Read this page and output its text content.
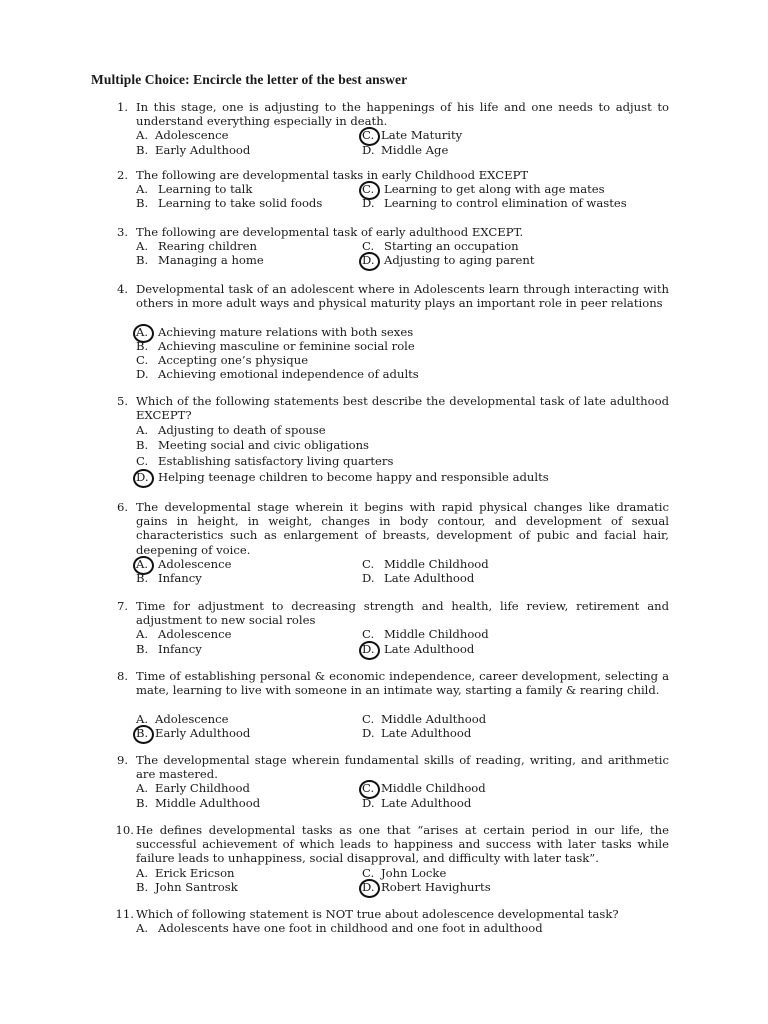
Multiple Choice: Encircle the letter of the best answer
1. In this stage, one is adjusting to the happenings of his life and one needs to adjust to understand everything especially in death.
A. Adolescence
B. Early Adulthood
C. Late Maturity
D. Middle Age
2. The following are developmental tasks in early Childhood EXCEPT
A. Learning to talk
B. Learning to take solid foods
C. Learning to get along with age mates
D. Learning to control elimination of wastes
3. The following are developmental task of early adulthood EXCEPT.
A. Rearing children
B. Managing a home
C. Starting an occupation
D. Adjusting to aging parent
4. Developmental task of an adolescent where in Adolescents learn through interacting with others in more adult ways and physical maturity plays an important role in peer relations
A. Achieving mature relations with both sexes
B. Achieving masculine or feminine social role
C. Accepting one’s physique
D. Achieving emotional independence of adults
5. Which of the following statements best describe the developmental task of late adulthood EXCEPT?
A. Adjusting to death of spouse
B. Meeting social and civic obligations
C. Establishing satisfactory living quarters
D. Helping teenage children to become happy and responsible adults
6. The developmental stage wherein it begins with rapid physical changes like dramatic gains in height, in weight, changes in body contour, and development of sexual characteristics such as enlargement of breasts, development of pubic and facial hair, deepening of voice.
A. Adolescence
B. Infancy
C. Middle Childhood
D. Late Adulthood
7. Time for adjustment to decreasing strength and health, life review, retirement and adjustment to new social roles
A. Adolescence
B. Infancy
C. Middle Childhood
D. Late Adulthood
8. Time of establishing personal & economic independence, career development, selecting a mate, learning to live with someone in an intimate way, starting a family & rearing child.
A. Adolescence
B. Early Adulthood
C. Middle Adulthood
D. Late Adulthood
9. The developmental stage wherein fundamental skills of reading, writing, and arithmetic are mastered.
A. Early Childhood
B. Middle Adulthood
C. Middle Childhood
D. Late Adulthood
10. He defines developmental tasks as one that “arises at certain period in our life, the successful achievement of which leads to happiness and success with later tasks while failure leads to unhappiness, social disapproval, and difficulty with later task”.
A. Erick Ericson
B. John Santrosk
C. John Locke
D. Robert Havighurts
11. Which of following statement is NOT true about adolescence developmental task?
A. Adolescents have one foot in childhood and one foot in adulthood
